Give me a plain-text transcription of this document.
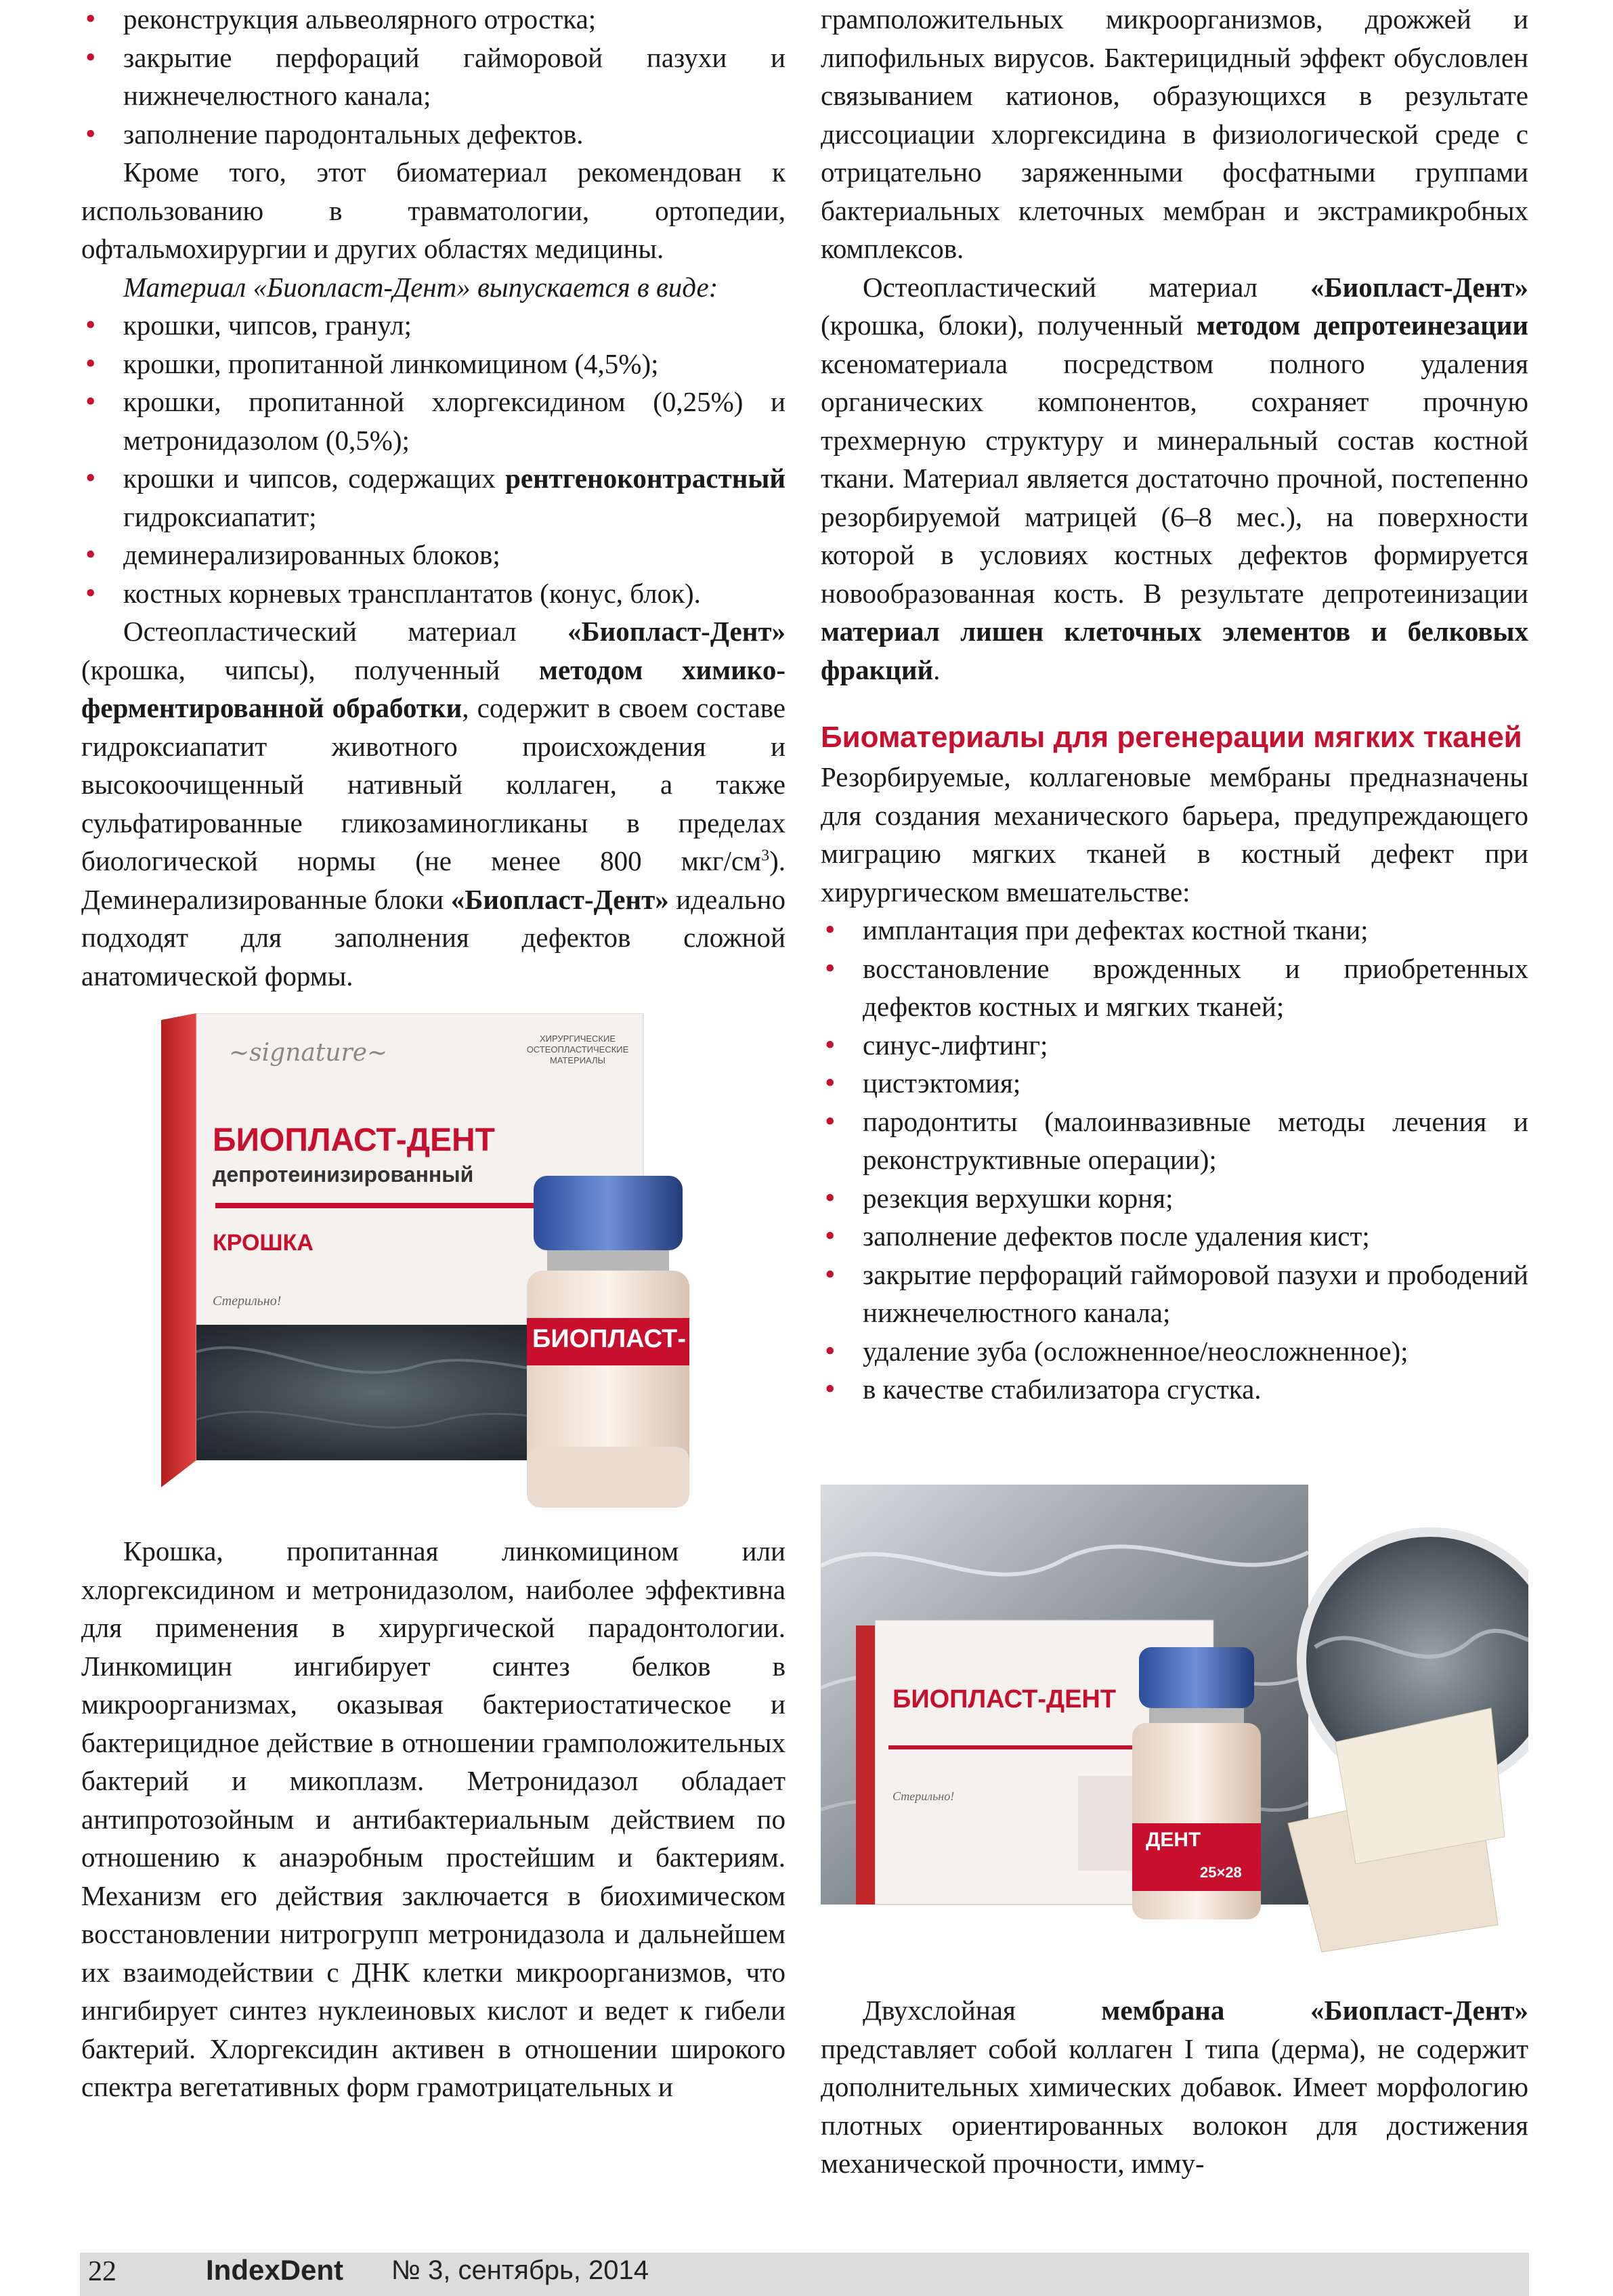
• реконструкция альвеолярного отростка;
• закрытие перфораций гайморовой пазухи и нижнечелюстного канала;
• заполнение пародонтальных дефектов.

Кроме того, этот биоматериал рекомендован к использованию в травматологии, ортопедии, офтальмохирургии и других областях медицины.

Материал «Биопласт-Дент» выпускается в виде:

• крошки, чипсов, гранул;
• крошки, пропитанной линкомицином (4,5%);
• крошки, пропитанной хлоргексидином (0,25%) и метронидазолом (0,5%);
• крошки и чипсов, содержащих рентгеноконтрастный гидроксиапатит;
• деминерализированных блоков;
• костных корневых трансплантатов (конус, блок).

Остеопластический материал «Биопласт-Дент» (крошка, чипсы), полученный методом химико-ферментированной обработки, содержит в своем составе гидроксиапатит животного происхождения и высокоочищенный нативный коллаген, а также сульфатированные гликозаминогликаны в пределах биологической нормы (не менее 800 мкг/$см^3$). Деминерализированные блоки «Биопласт-Дент» идеально подходят для заполнения дефектов сложной анатомической формы.

~signature~
ХИРУРГИЧЕСКИЕ ОСТЕОПЛАСТИЧЕСКИЕ МАТЕРИАЛЫ
БИОПЛАСТ-ДЕНТ
депротеинизированный
КРОШКА
Стерильно!
БИОПЛАСТ-

Крошка, пропитанная линкомицином или хлоргексидином и метронидазолом, наиболее эффективна для применения в хирургической парадонтологии. Линкомицин ингибирует синтез белков в микроорганизмах, оказывая бактериостатическое и бактерицидное действие в отношении грамположительных бактерий и микоплазм. Метронидазол обладает антипротозойным и антибактериальным действием по отношению к анаэробным простейшим и бактериям. Механизм его действия заключается в биохимическом восстановлении нитрогрупп метронидазола и дальнейшем их взаимодействии с ДНК клетки микроорганизмов, что ингибирует синтез нуклеиновых кислот и ведет к гибели бактерий. Хлоргексидин активен в отношении широкого спектра вегетативных форм грамотрицательных и

грамположительных микроорганизмов, дрожжей и липофильных вирусов. Бактерицидный эффект обусловлен связыванием катионов, образующихся в результате диссоциации хлоргексидина в физиологической среде с отрицательно заряженными фосфатными группами бактериальных клеточных мембран и экстрамикробных комплексов.

Остеопластический материал «Биопласт-Дент» (крошка, блоки), полученный методом депротеинезации ксеноматериала посредством полного удаления органических компонентов, сохраняет прочную трехмерную структуру и минеральный состав костной ткани. Материал является достаточно прочной, постепенно резорбируемой матрицей (6–8 мес.), на поверхности которой в условиях костных дефектов формируется новообразованная кость. В результате депротеинизации материал лишен клеточных элементов и белковых фракций.

Биоматериалы для регенерации мягких тканей

Резорбируемые, коллагеновые мембраны предназначены для создания механического барьера, предупреждающего миграцию мягких тканей в костный дефект при хирургическом вмешательстве:

• имплантация при дефектах костной ткани;
• восстановление врожденных и приобретенных дефектов костных и мягких тканей;
• синус-лифтинг;
• цистэктомия;
• пародонтиты (малоинвазивные методы лечения и реконструктивные операции);
• резекция верхушки корня;
• заполнение дефектов после удаления кист;
• закрытие перфораций гайморовой пазухи и прободений нижнечелюстного канала;
• удаление зуба (осложненное/неосложненное);
• в качестве стабилизатора сгустка.
БИОПЛАСТ-ДЕНТ
Стерильно!
ДЕНТ
25×28

Двухслойная мембрана «Биопласт-Дент» представляет собой коллаген I типа (дерма), не содержит дополнительных химических добавок. Имеет морфологию плотных ориентированных волокон для достижения механической прочности, иммy-

22	IndexDent № 3, сентябрь, 2014
